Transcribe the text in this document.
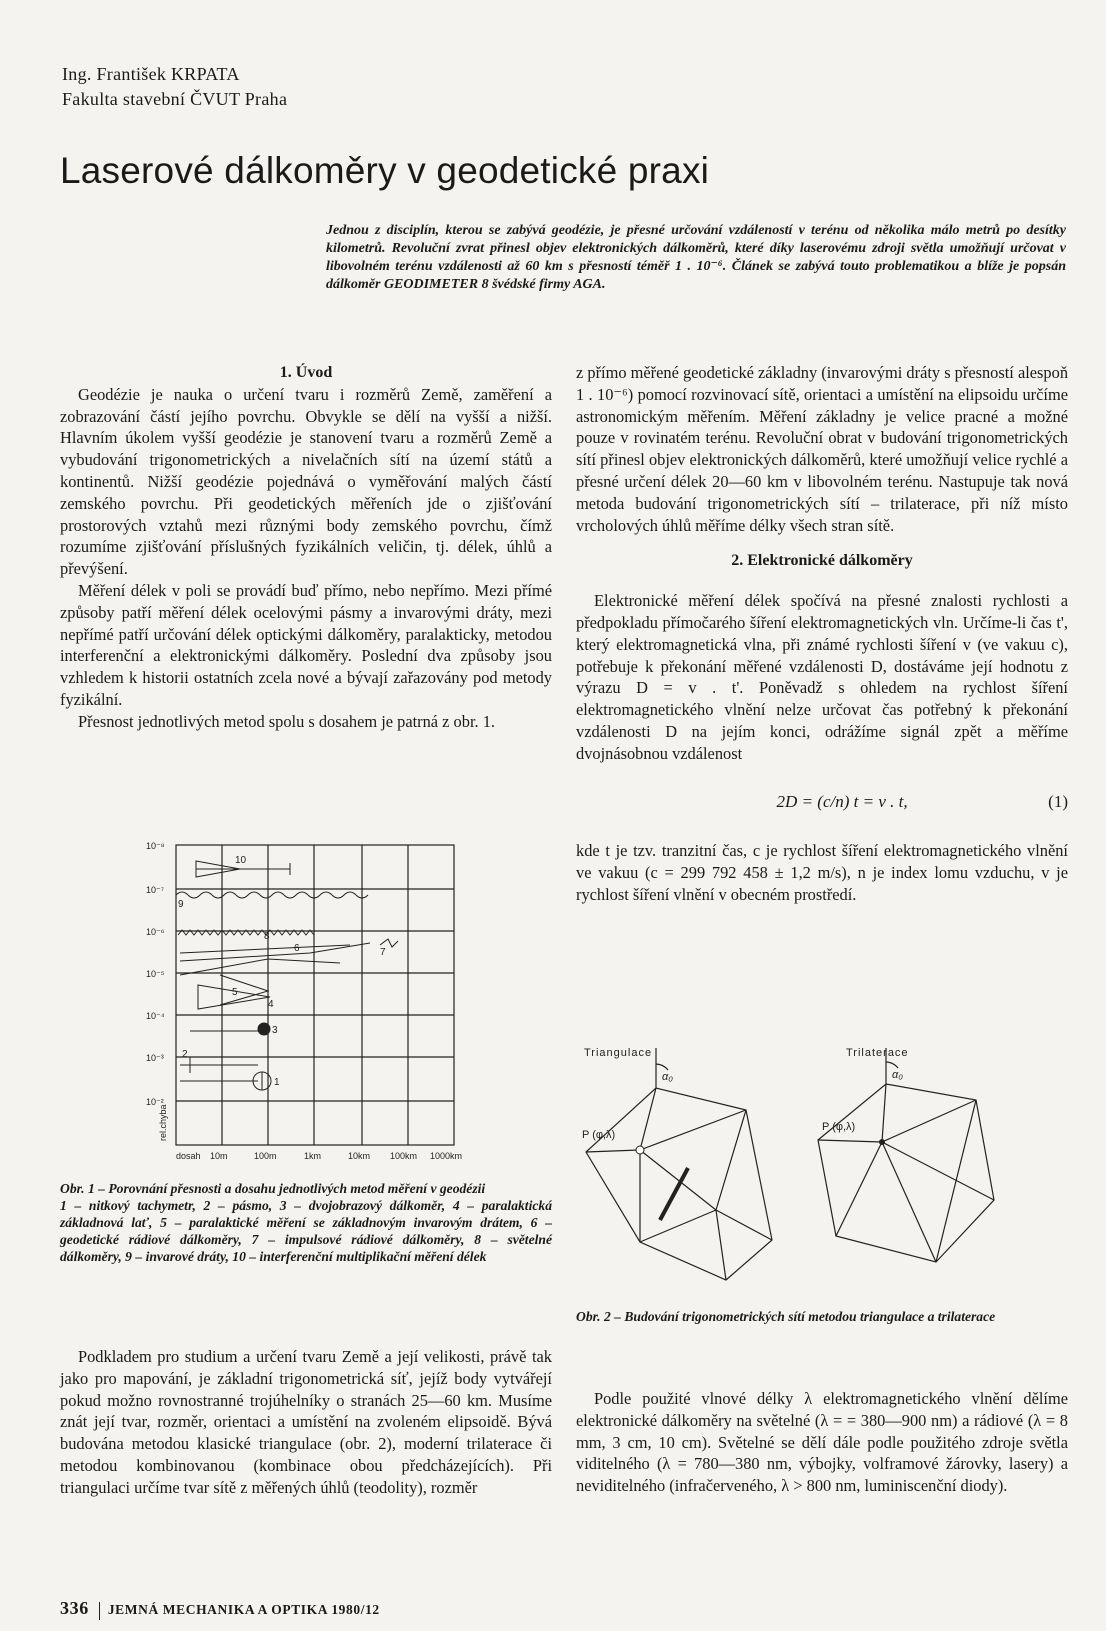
Ing. František KRPATA
Fakulta stavební ČVUT Praha
Laserové dálkoměry v geodetické praxi
Jednou z disciplín, kterou se zabývá geodézie, je přesné určování vzdáleností v terénu od několika málo metrů po desítky kilometrů. Revoluční zvrat přinesl objev elektronických dálkoměrů, které díky laserovému zdroji světla umožňují určovat v libovolném terénu vzdálenosti až 60 km s přesností téměř 1 . 10⁻⁶. Článek se zabývá touto problematikou a blíže je popsán dálkoměr GEODIMETER 8 švédské firmy AGA.

1. Úvod

Geodézie je nauka o určení tvaru i rozměrů Země, zaměření a zobrazování částí jejího povrchu. Obvykle se dělí na vyšší a nižší. Hlavním úkolem vyšší geodézie je stanovení tvaru a rozměrů Země a vybudování trigonometrických a nivelačních sítí na území států a kontinentů. Nižší geodézie pojednává o vyměřování malých částí zemského povrchu. Při geodetických měřeních jde o zjišťování prostorových vztahů mezi různými body zemského povrchu, čímž rozumíme zjišťování příslušných fyzikálních veličin, tj. délek, úhlů a převýšení.

Měření délek v poli se provádí buď přímo, nebo nepřímo. Mezi přímé způsoby patří měření délek ocelovými pásmy a invarovými dráty, mezi nepřímé patří určování délek optickými dálkoměry, paralakticky, metodou interferenční a elektronickými dálkoměry. Poslední dva způsoby jsou vzhledem k historii ostatních zcela nové a bývají zařazovány pod metody fyzikální.

Přesnost jednotlivých metod spolu s dosahem je patrná z obr. 1.

10
9
8
6	7
5
4
3
2
1
10⁻⁸
10⁻⁷
10⁻⁶
10⁻⁵
10⁻⁴
10⁻³
10⁻²
rel.chyba
dosah 10m	100m	1km	10km 100km 1000km
Obr. 1 – Porovnání přesnosti a dosahu jednotlivých metod měření v geodézii
1 – nitkový tachymetr, 2 – pásmo, 3 – dvojobrazový dálkoměr, 4 – paralaktická základnová lať, 5 – paralaktické měření se základnovým invarovým drátem, 6 – geodetické rádiové dálkoměry, 7 – impulsové rádiové dálkoměry, 8 – světelné dálkoměry, 9 – invarové dráty, 10 – interferenční multiplikační měření délek

Podkladem pro studium a určení tvaru Země a její velikosti, právě tak jako pro mapování, je základní trigonometrická síť, jejíž body vytvářejí pokud možno rovnostranné trojúhelníky o stranách 25—60 km. Musíme znát její tvar, rozměr, orientaci a umístění na zvoleném elipsoidě. Bývá budována metodou klasické triangulace (obr. 2), moderní trilaterace či metodou kombinovanou (kombinace obou předcházejících). Při triangulaci určíme tvar sítě z měřených úhlů (teodolity), rozměr

z přímo měřené geodetické základny (invarovými dráty s přesností alespoň 1 . 10⁻⁶) pomocí rozvinovací sítě, orientaci a umístění na elipsoidu určíme astronomickým měřením. Měření základny je velice pracné a možné pouze v rovinatém terénu. Revoluční obrat v budování trigonometrických sítí přinesl objev elektronických dálkoměrů, které umožňují velice rychlé a přesné určení délek 20—60 km v libovolném terénu. Nastupuje tak nová metoda budování trigonometrických sítí – trilaterace, při níž místo vrcholových úhlů měříme délky všech stran sítě.

2. Elektronické dálkoměry

Elektronické měření délek spočívá na přesné znalosti rychlosti a předpokladu přímočarého šíření elektromagnetických vln. Určíme-li čas t', který elektromagnetická vlna, při známé rychlosti šíření v (ve vakuu c), potřebuje k překonání měřené vzdálenosti D, dostáváme její hodnotu z výrazu D = v . t'. Poněvadž s ohledem na rychlost šíření elektromagnetického vlnění nelze určovat čas potřebný k překonání vzdálenosti D na jejím konci, odrážíme signál zpět a měříme dvojnásobnou vzdálenost

2D = (c/n) t = v . t,	(1)

kde t je tzv. tranzitní čas, c je rychlost šíření elektromagnetického vlnění ve vakuu (c = 299 792 458 ± 1,2 m/s), n je index lomu vzduchu, v je rychlost šíření vlnění v obecném prostředí.

Triangulace	Trilaterace
P (φ,λ)
α₀
P (φ,λ)
α₀
Obr. 2 – Budování trigonometrických sítí metodou triangulace a trilaterace

Podle použité vlnové délky λ elektromagnetického vlnění dělíme elektronické dálkoměry na světelné (λ = = 380—900 nm) a rádiové (λ = 8 mm, 3 cm, 10 cm). Světelné se dělí dále podle použitého zdroje světla viditelného (λ = 780—380 nm, výbojky, volframové žárovky, lasery) a neviditelného (infračerveného, λ > 800 nm, luminiscenční diody).

336 JEMNÁ MECHANIKA A OPTIKA 1980/12
